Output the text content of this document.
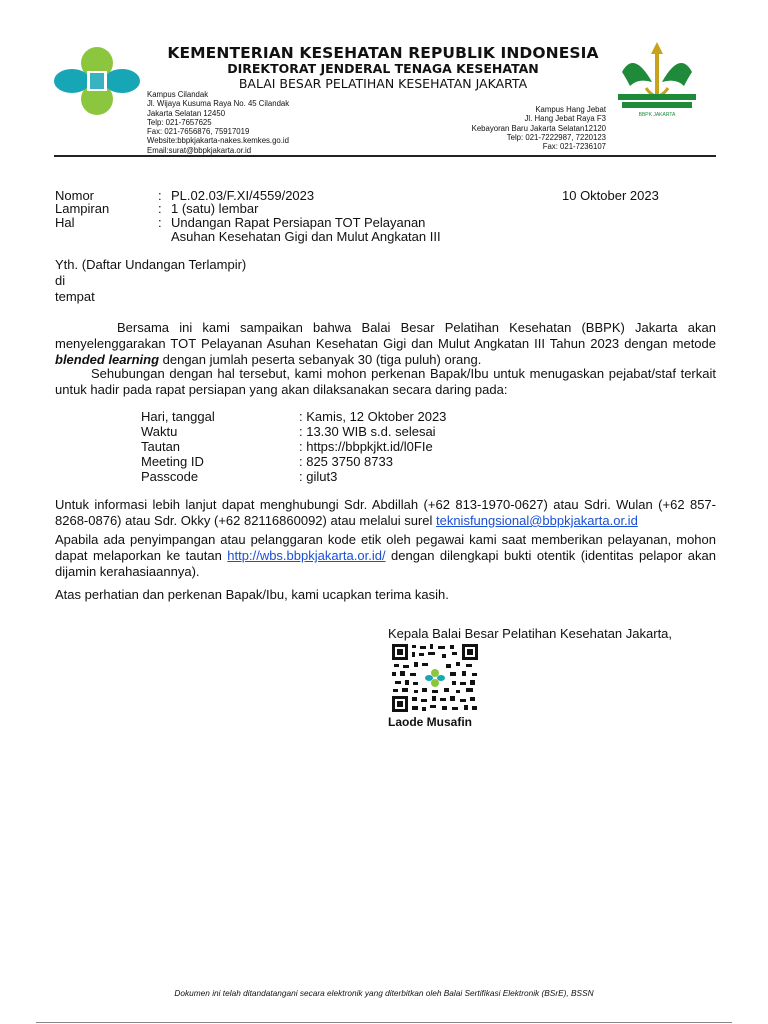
BBPK JAKARTA
KEMENTERIAN KESEHATAN REPUBLIK INDONESIA
DIREKTORAT JENDERAL TENAGA KESEHATAN
BALAI BESAR PELATIHAN KESEHATAN JAKARTA
Kampus Cilandak
Jl. Wijaya Kusuma Raya No. 45 Cilandak
Jakarta Selatan 12450
Telp: 021-7657625
Fax: 021-7656876, 75917019
Website:bbpkjakarta-nakes.kemkes.go.id
Email:surat@bbpkjakarta.or.id
Kampus Hang Jebat
Jl. Hang Jebat Raya F3
Kebayoran Baru Jakarta Selatan12120
Telp: 021-7222987, 7220123
Fax: 021-7236107
Nomor	: PL.02.03/F.XI/4559/2023
Lampiran	: 1 (satu) lembar
Hal	: Undangan Rapat Persiapan TOT Pelayanan
Asuhan Kesehatan Gigi dan Mulut Angkatan III
10 Oktober 2023
Yth. (Daftar Undangan Terlampir)
di
tempat
Bersama ini kami sampaikan bahwa Balai Besar Pelatihan Kesehatan (BBPK) Jakarta akan menyelenggarakan TOT Pelayanan Asuhan Kesehatan Gigi dan Mulut Angkatan III Tahun 2023 dengan metode blended learning dengan jumlah peserta sebanyak 30 (tiga puluh) orang.
Sehubungan dengan hal tersebut, kami mohon perkenan Bapak/Ibu untuk menugaskan pejabat/staf terkait untuk hadir pada rapat persiapan yang akan dilaksanakan secara daring pada:
Hari, tanggal	: Kamis, 12 Oktober 2023
Waktu	: 13.30 WIB s.d. selesai
Tautan	: https://bbpkjkt.id/l0FIe
Meeting ID	: 825 3750 8733
Passcode	: gilut3
Untuk informasi lebih lanjut dapat menghubungi Sdr. Abdillah (+62 813-1970-0627) atau Sdri. Wulan (+62 857-8268-0876) atau Sdr. Okky (+62 82116860092) atau melalui surel teknisfungsional@bbpkjakarta.or.id
Apabila ada penyimpangan atau pelanggaran kode etik oleh pegawai kami saat memberikan pelayanan, mohon dapat melaporkan ke tautan http://wbs.bbpkjakarta.or.id/ dengan dilengkapi bukti otentik (identitas pelapor akan dijamin kerahasiaannya).
Atas perhatian dan perkenan Bapak/Ibu, kami ucapkan terima kasih.
Kepala Balai Besar Pelatihan Kesehatan Jakarta,
Laode Musafin
Dokumen ini telah ditandatangani secara elektronik yang diterbitkan oleh Balai Sertifikasi Elektronik (BSrE), BSSN
